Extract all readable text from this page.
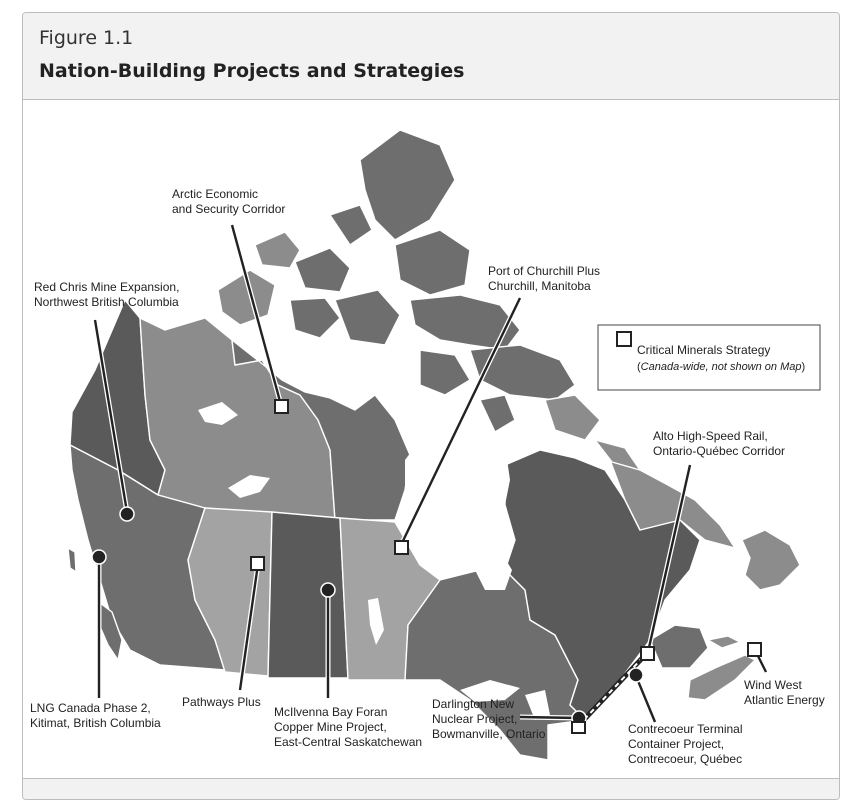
Figure 1.1
Nation-Building Projects and Strategies
Critical Minerals Strategy
(Canada-wide, not shown on Map)
Arctic Economic and Security Corridor
Red Chris Mine Expansion, Northwest British Columbia
Port of Churchill Plus Churchill, Manitoba
Alto High-Speed Rail, Ontario-Québec Corridor
LNG Canada Phase 2, Kitimat, British Columbia
Pathways Plus
McIlvenna Bay Foran Copper Mine Project, East-Central Saskatchewan
Darlington New Nuclear Project, Bowmanville, Ontario	Contrecoeur Terminal Container Project, Contrecoeur, Québec
Wind West Atlantic Energy
